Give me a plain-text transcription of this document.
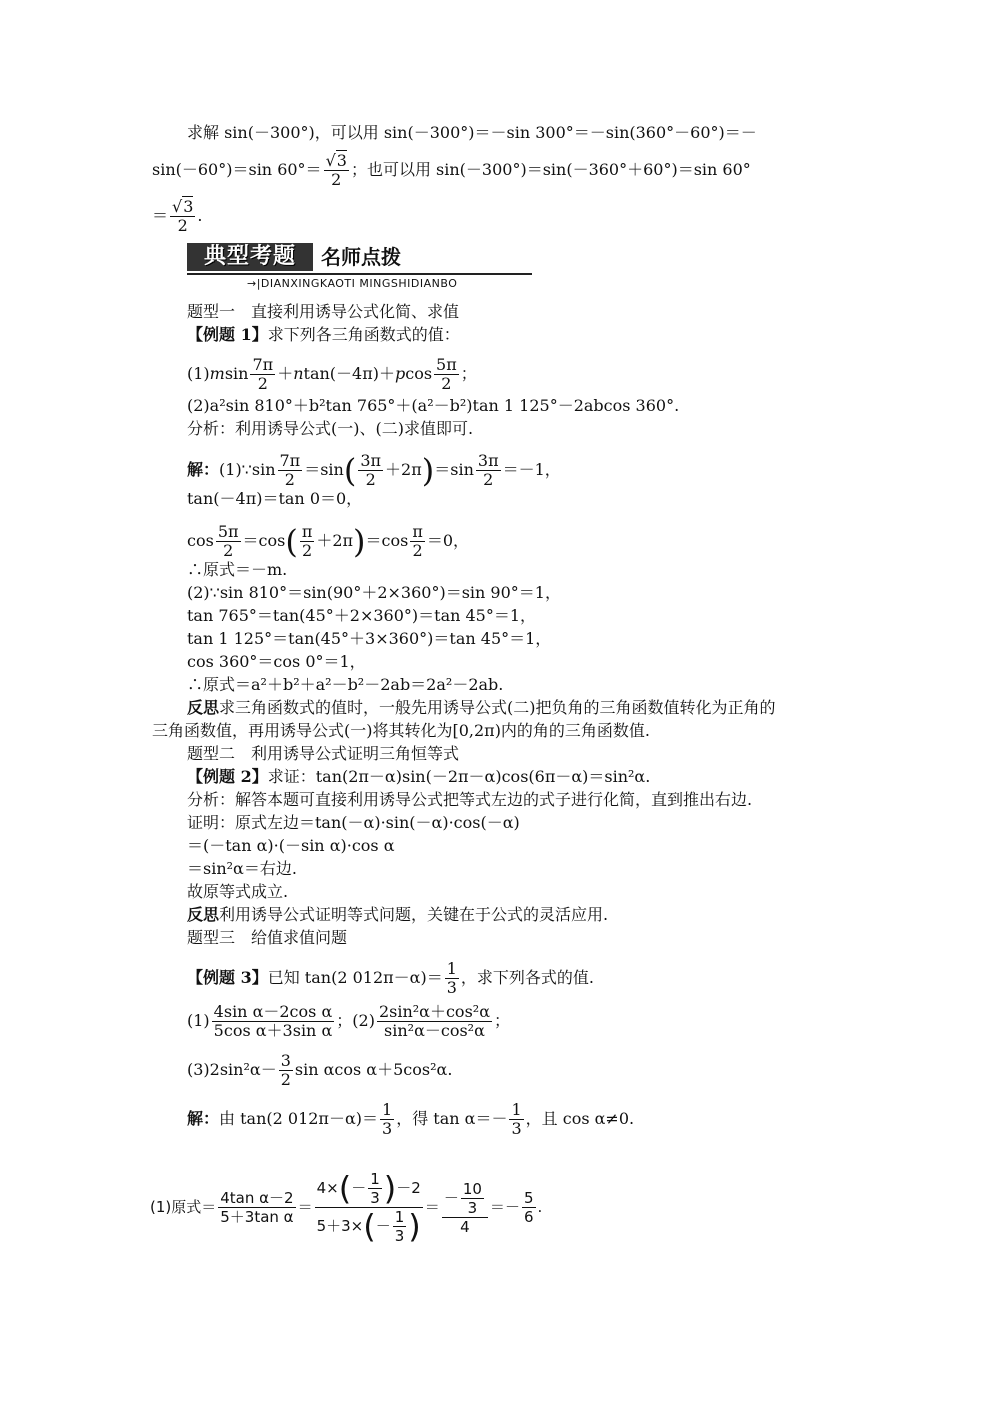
求解 sin(－300°)，可以用 sin(－300°)＝－sin 300°＝－sin(360°－60°)＝－
sin(－60°)＝sin $60^\circ= \frac{√3}{2}$ ；也可以用 sin(－300°)＝sin(－360°＋60°)＝sin 60°
＝ $\frac{√3}{2}$ .
典型考题	名师点拨
→|DIANXINGKAOTI MINGSHIDIANBO
题型一　直接利用诱导公式化简、求值
【例题 1】求下列各三角函数式的值：
$(1)msin \frac{7\pi}{2} +ntan(-4\pi)+pcos \frac{5\pi}{2}$ ；
(2)a²sin 810°＋b²tan 765°＋(a²－b²)tan 1 125°－2abcos 360°.
分析：利用诱导公式(一)、(二)求值即可.
解：(1)∵sin $\frac{7\pi}{2} =\sin( \frac{3\pi}{2} +2\pi)=\sin \frac{3\pi}{2} =-1$，
tan(－4π)＝tan 0＝0，
$\cos \frac{5\pi}{2} =\cos( \frac{\pi}{2} +2\pi)=\cos \frac{\pi}{2} =0$，
∴原式＝－m.
(2)∵sin 810°＝sin(90°＋2×360°)＝sin 90°＝1，
tan 765°＝tan(45°＋2×360°)＝tan 45°＝1，
tan 1 125°＝tan(45°＋3×360°)＝tan 45°＝1，
cos 360°＝cos 0°＝1，
∴原式＝a²＋b²＋a²－b²－2ab＝2a²－2ab.
反思求三角函数式的值时，一般先用诱导公式(二)把负角的三角函数值转化为正角的
三角函数值，再用诱导公式(一)将其转化为[0,2π)内的角的三角函数值.
题型二　利用诱导公式证明三角恒等式
【例题 2】求证：tan(2π－α)sin(－2π－α)cos(6π－α)＝sin²α.
分析：解答本题可直接利用诱导公式把等式左边的式子进行化简，直到推出右边.
证明：原式左边＝tan(－α)·sin(－α)·cos(－α)
＝(－tan α)·(－sin α)·cos α
＝sin²α＝右边.
故原等式成立.
反思利用诱导公式证明等式问题，关键在于公式的灵活应用.
题型三　给值求值问题
【例题 3】已知 tan(2 $012\pi-\alpha)= \frac{1}{3}$ ，求下列各式的值.
$(1) \frac{\text{4sin α－2cos α}}{\text{5cos α＋3sin α}}$ ；$(2) \frac{\text{2sin²α＋cos²α}}{\text{sin²α－cos²α}}$ ；
$(3)2\sin^2\alpha- \frac{3}{2}$ sin αcos α＋5cos²α.
解：由 tan(2 $012\pi-\alpha)= \frac{1}{3}$ ，得 $\tan \alpha=- \frac{1}{3}$ ，且 cos α≠0.
(1)原式＝ $\frac{\text{4tan α－2}}{\text{5＋3tan α}} = \frac{4\times(- \frac{1}{3} )-2}{5+3\times(- \frac{1}{3} )} = \frac{- \frac{10}{3}}{4} =- \frac{5}{6}$ .
